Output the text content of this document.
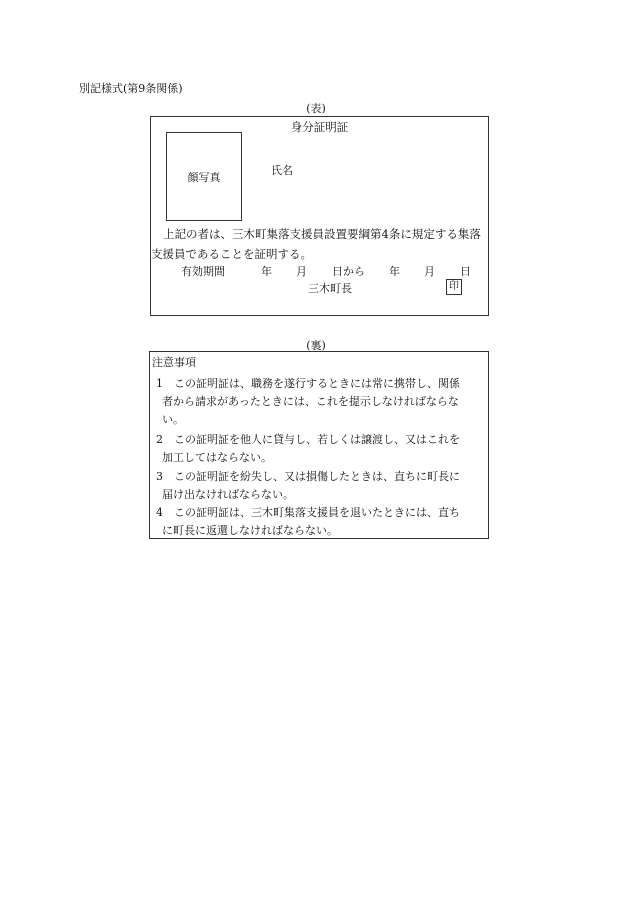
別記様式(第9条関係)
(表)
身分証明証
顔写真	氏名
上記の者は、三木町集落支援員設置要綱第4条に規定する集落
支援員であることを証明する。
有効期間	年 月 日から 年 月 日
三木町長	印
(裏)
注意事項
1 この証明証は、職務を遂行するときには常に携帯し、関係
者から請求があったときには、これを提示しなければならな
い。
2 この証明証を他人に貸与し、若しくは譲渡し、又はこれを
加工してはならない。
3 この証明証を紛失し、又は損傷したときは、直ちに町長に
届け出なければならない。
4 この証明証は、三木町集落支援員を退いたときには、直ち
に町長に返還しなければならない。
